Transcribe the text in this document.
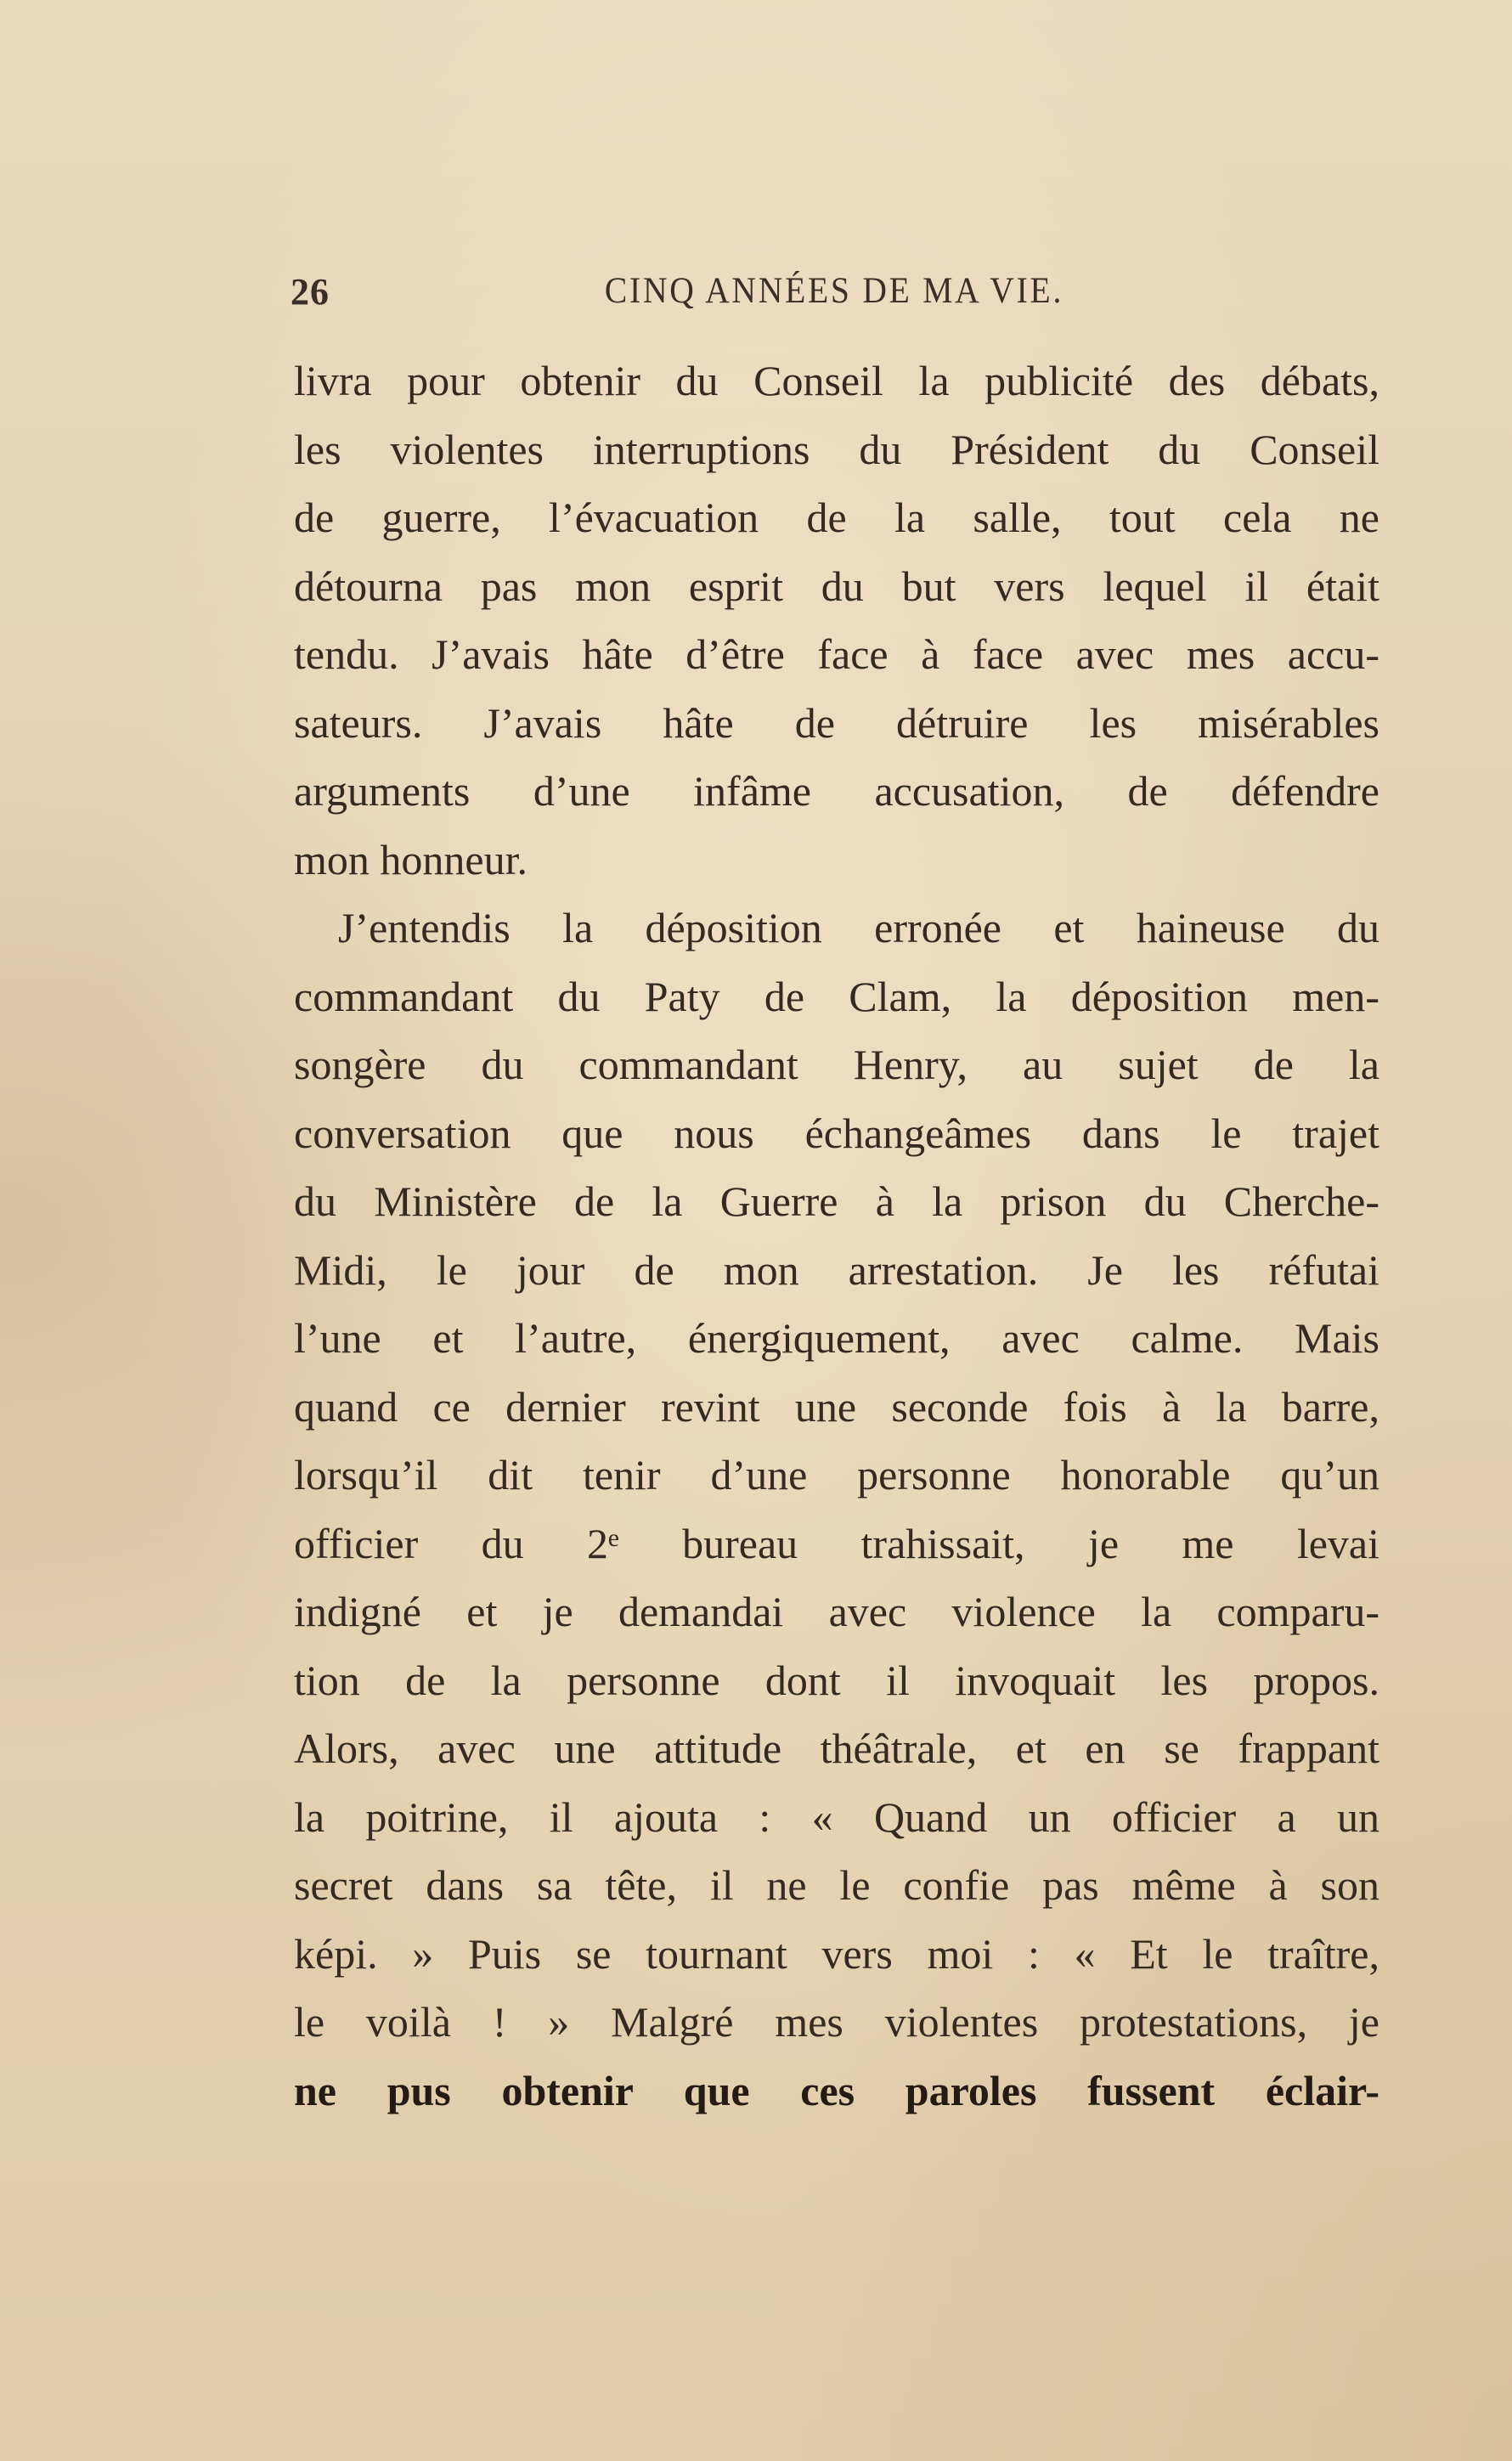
26	CINQ ANNÉES DE MA VIE.
livra pour obtenir du Conseil la publicité des débats,
les violentes interruptions du Président du Conseil
de guerre, l’évacuation de la salle, tout cela ne
détourna pas mon esprit du but vers lequel il était
tendu. J’avais hâte d’être face à face avec mes accu-
sateurs. J’avais hâte de détruire les misérables
arguments d’une infâme accusation, de défendre
mon honneur.
J’entendis la déposition erronée et haineuse du
commandant du Paty de Clam, la déposition men-
songère du commandant Henry, au sujet de la
conversation que nous échangeâmes dans le trajet
du Ministère de la Guerre à la prison du Cherche-
Midi, le jour de mon arrestation. Je les réfutai
l’une et l’autre, énergiquement, avec calme. Mais
quand ce dernier revint une seconde fois à la barre,
lorsqu’il dit tenir d’une personne honorable qu’un
officier du 2ᵉ bureau trahissait, je me levai
indigné et je demandai avec violence la comparu-
tion de la personne dont il invoquait les propos.
Alors, avec une attitude théâtrale, et en se frappant
la poitrine, il ajouta : « Quand un officier a un
secret dans sa tête, il ne le confie pas même à son
képi. » Puis se tournant vers moi : « Et le traître,
le voilà ! » Malgré mes violentes protestations, je
ne pus obtenir que ces paroles fussent éclair-
